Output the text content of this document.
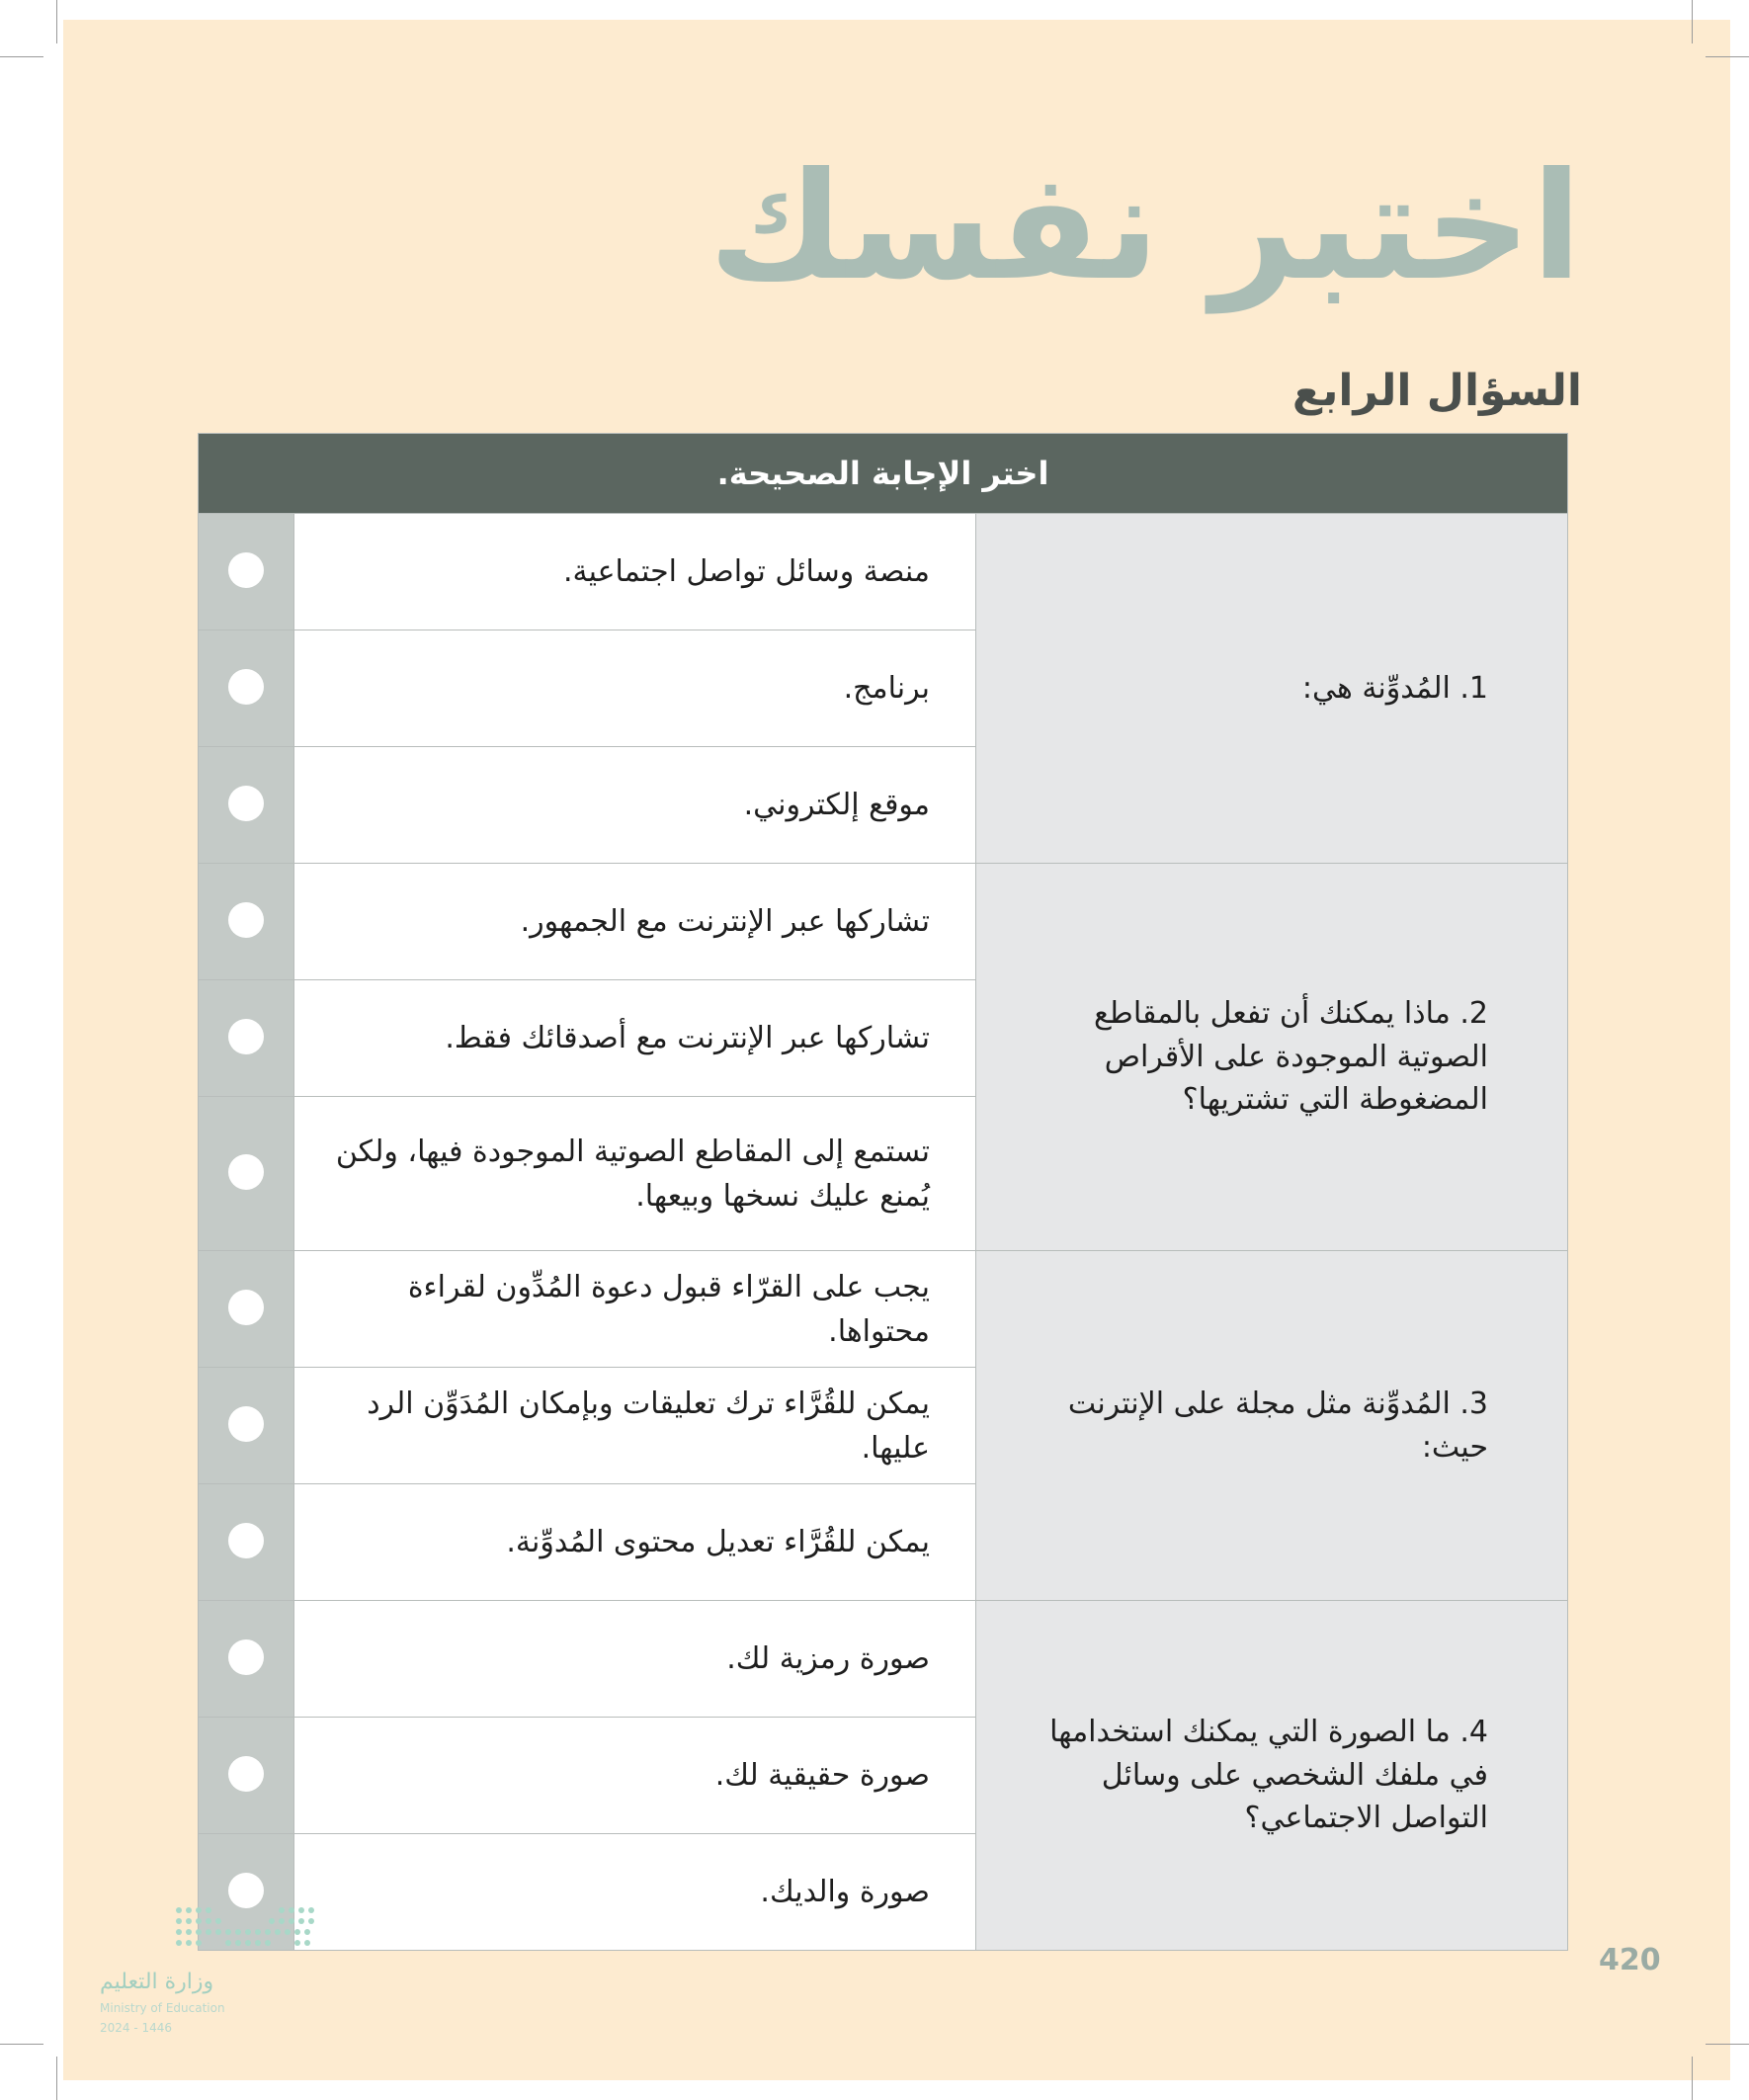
اختبر نفسك
السؤال الرابع
اختر الإجابة الصحيحة.		
1. المُدوِّنة هي:	منصة وسائل تواصل اجتماعية.	
	برنامج.	
	موقع إلكتروني.	
2. ماذا يمكنك أن تفعل بالمقاطع الصوتية الموجودة على الأقراص المضغوطة التي تشتريها؟	تشاركها عبر الإنترنت مع الجمهور.	
	تشاركها عبر الإنترنت مع أصدقائك فقط.	
	تستمع إلى المقاطع الصوتية الموجودة فيها، ولكن يُمنع عليك نسخها وبيعها.	
3. المُدوِّنة مثل مجلة على الإنترنت حيث:	يجب على القرّاء قبول دعوة المُدِّون لقراءة محتواها.	
	يمكن للقُرَّاء ترك تعليقات وبإمكان المُدَوِّن الرد عليها.	
	يمكن للقُرَّاء تعديل محتوى المُدوِّنة.	
4. ما الصورة التي يمكنك استخدامها في ملفك الشخصي على وسائل التواصل الاجتماعي؟	صورة رمزية لك.	
	صورة حقيقية لك.	
	صورة والديك.	
وزارة التعليم
Ministry of Education
2024 - 1446
420
